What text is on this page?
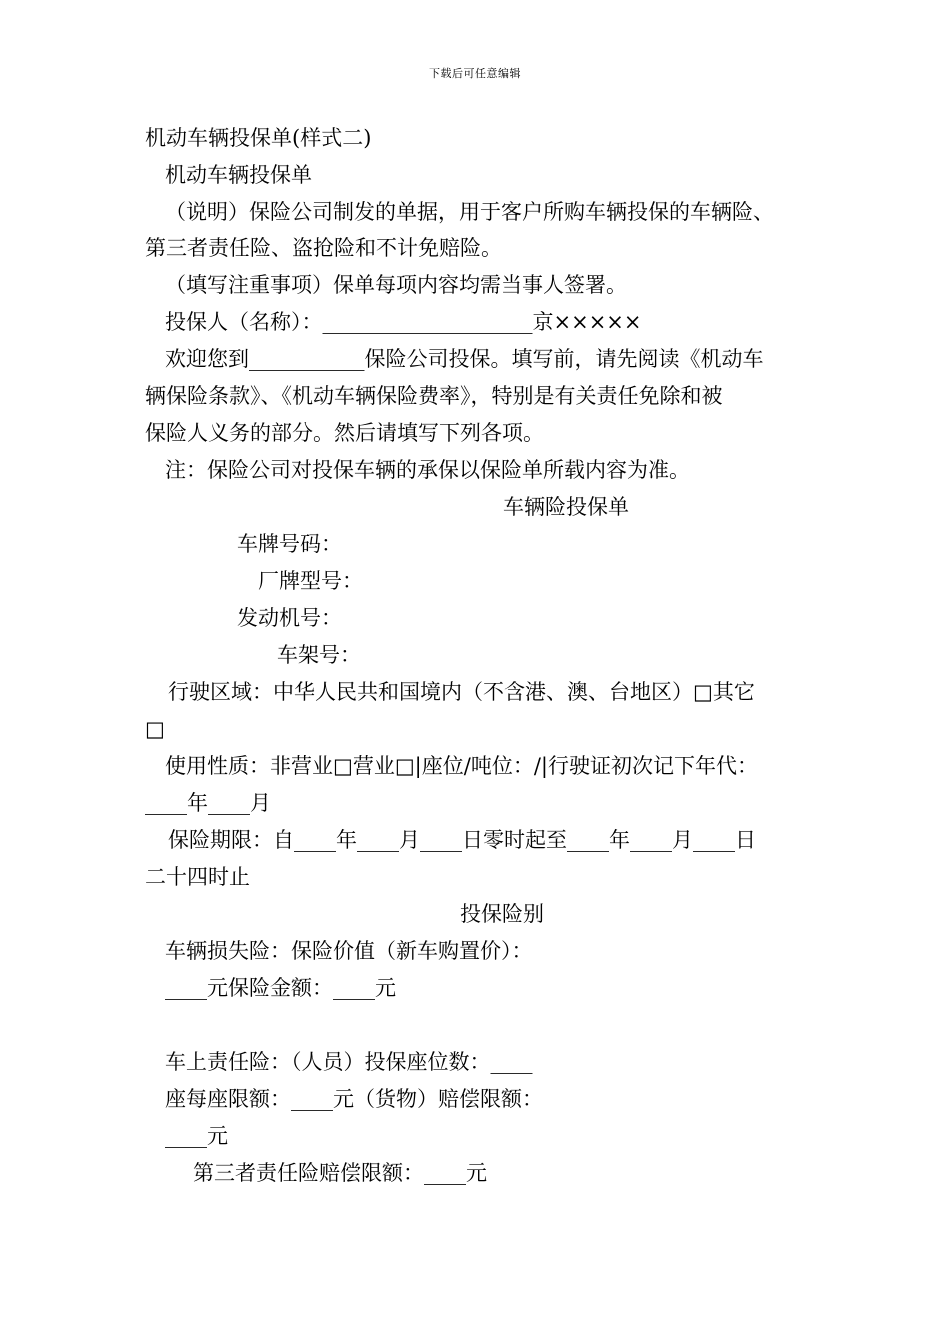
下载后可任意编辑
机动车辆投保单(样式二)
机动车辆投保单
（说明）保险公司制发的单据，用于客户所购车辆投保的车辆险、
第三者责任险、盗抢险和不计免赔险。
（填写注重事项）保单每项内容均需当事人签署。
投保人（名称）：____________________京×××××
欢迎您到___________保险公司投保。填写前，请先阅读《机动车
辆保险条款》、《机动车辆保险费率》，特别是有关责任免除和被
保险人义务的部分。然后请填写下列各项。
注：保险公司对投保车辆的承保以保险单所载内容为准。
车辆险投保单
车牌号码：
厂牌型号：
发动机号：
车架号：
行驶区域：中华人民共和国境内（不含港、澳、台地区）□其它
□
使用性质：非营业□营业□|座位/吨位：/|行驶证初次记下年代：
____年____月
保险期限：自____年____月____日零时起至____年____月____日
二十四时止
投保险别
车辆损失险：保险价值（新车购置价）：
____元保险金额：____元
车上责任险：（人员）投保座位数：____
座每座限额：____元（货物）赔偿限额：
____元
第三者责任险赔偿限额：____元
